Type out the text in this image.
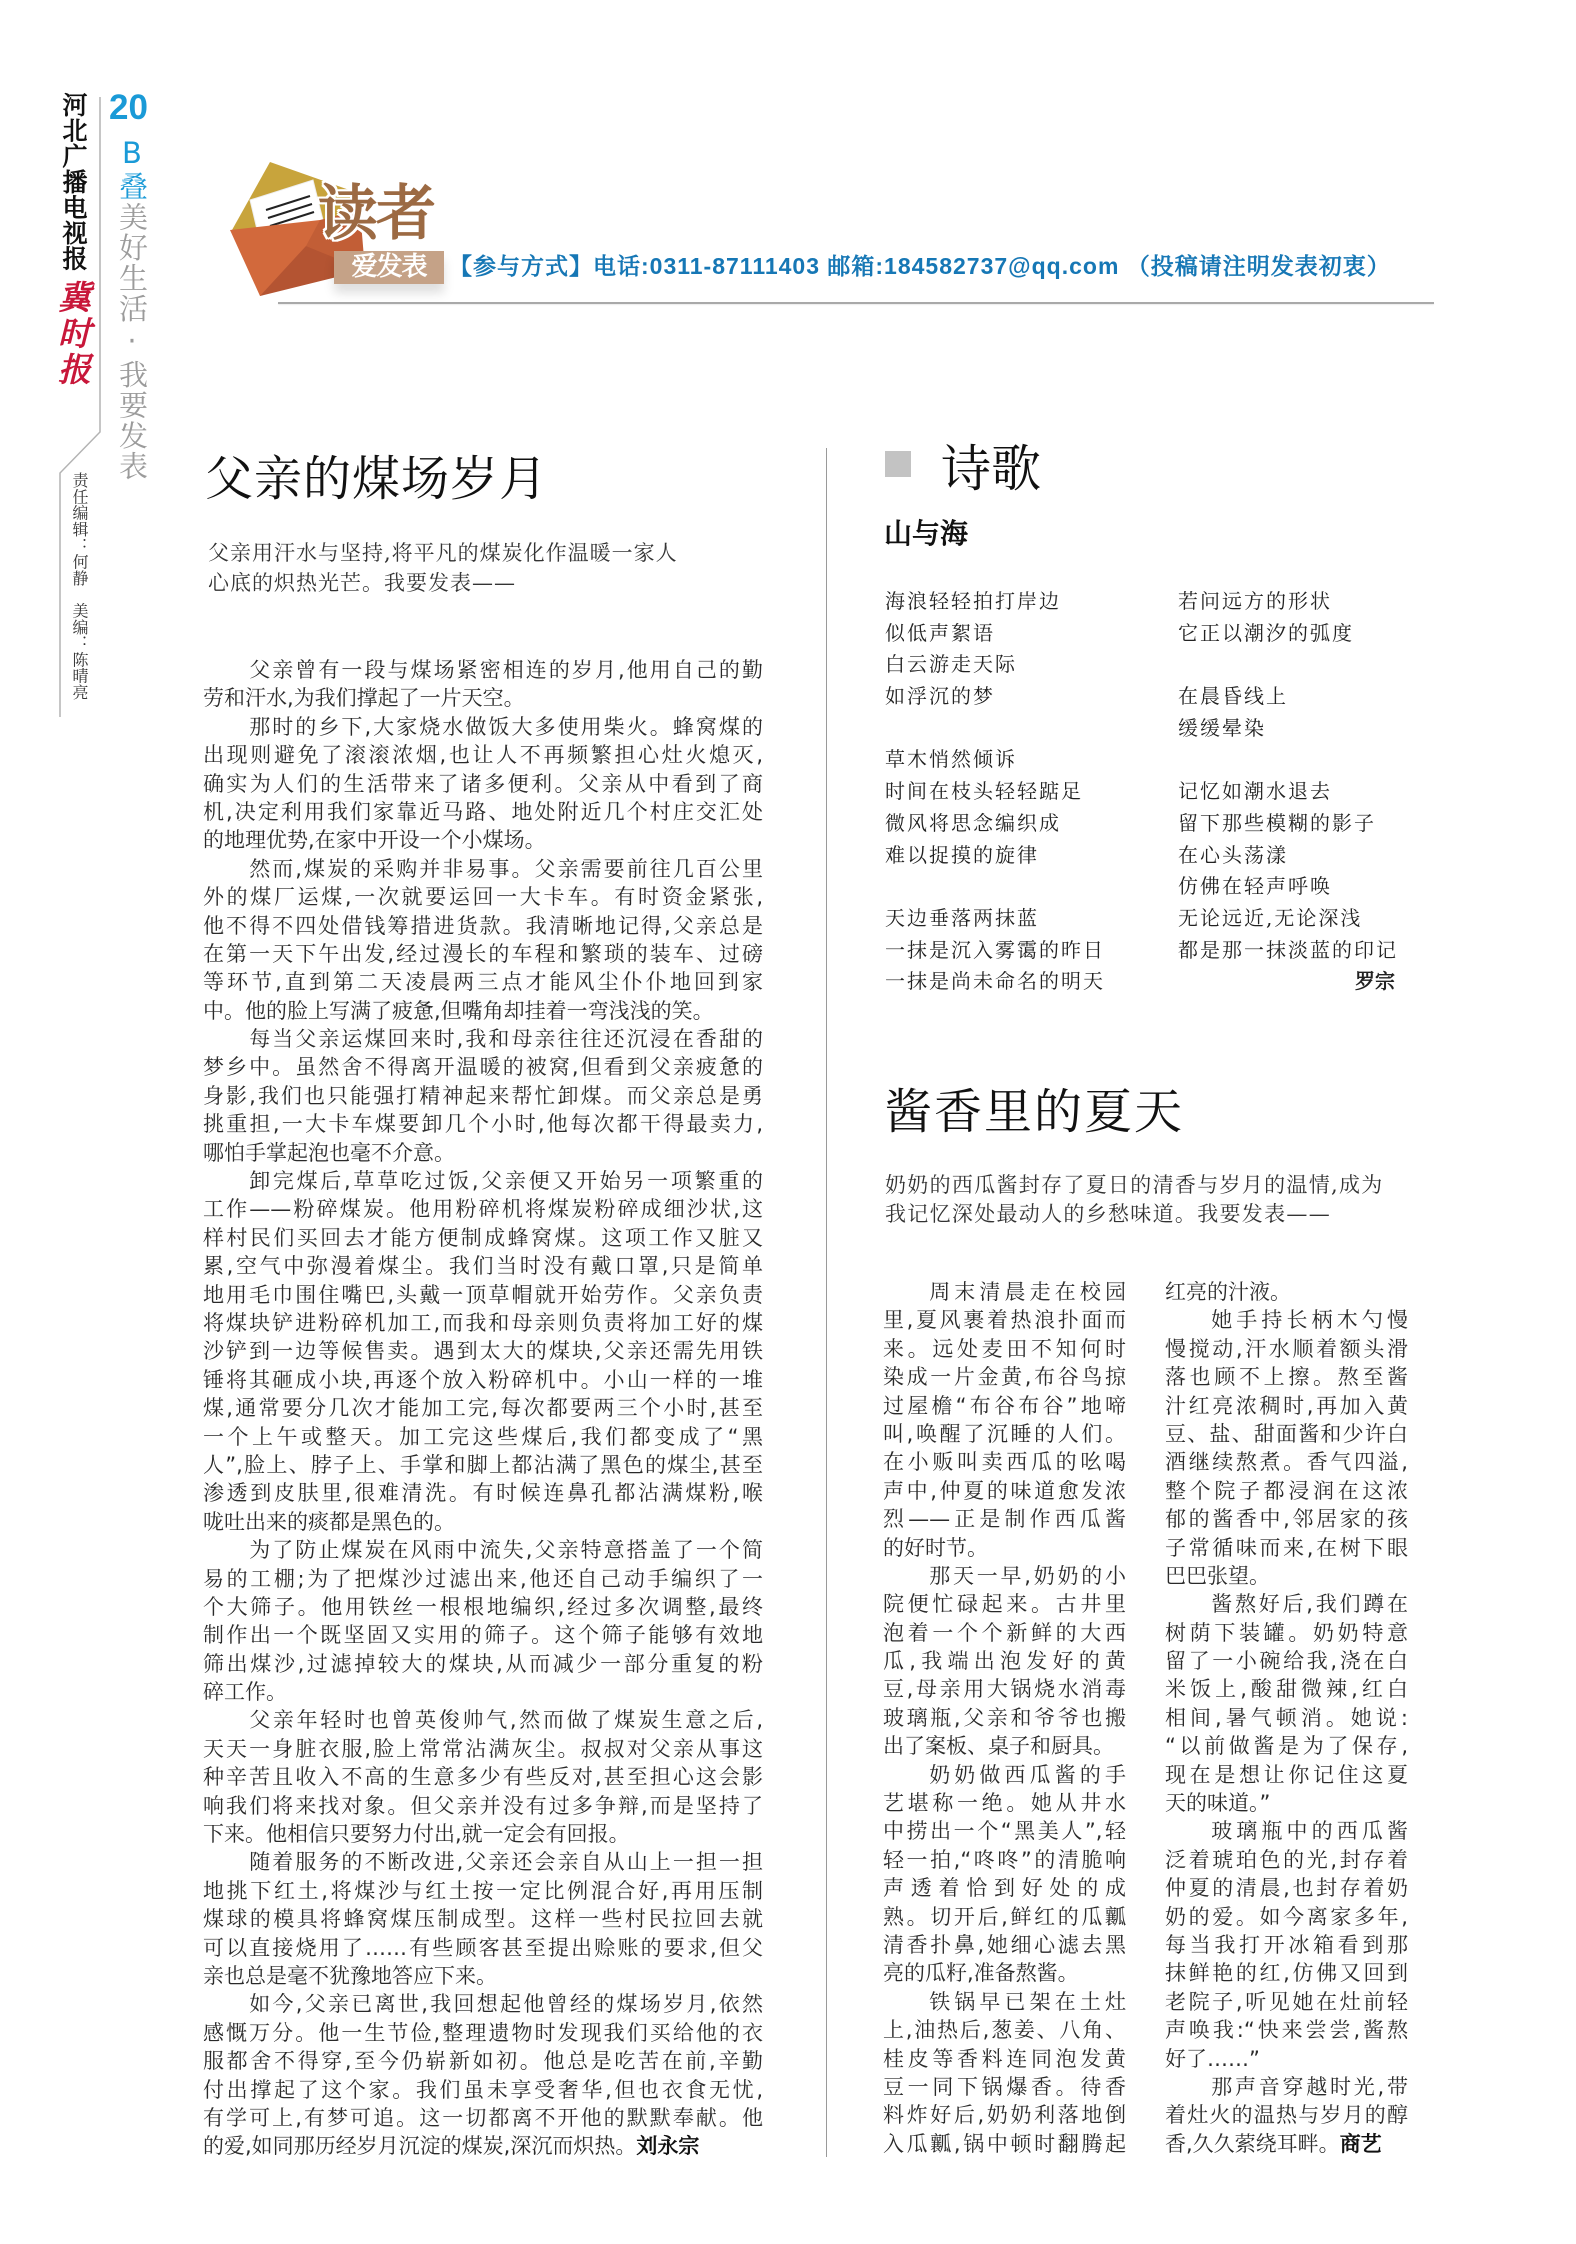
河北广播电视报
冀时报
20
B叠美好生活·我要发表
责任编辑：何静　美编：陈晴亮
读者
爱发表 【参与方式】电话:0311-87111403 邮箱:184582737@qq.com （投稿请注明发表初衷）
父亲的煤场岁月
父亲用汗水与坚持,将平凡的煤炭化作温暖一家人
心底的炽热光芒。我要发表——
父亲曾有一段与煤场紧密相连的岁月,他用自己的勤
劳和汗水,为我们撑起了一片天空。
那时的乡下,大家烧水做饭大多使用柴火。蜂窝煤的
出现则避免了滚滚浓烟,也让人不再频繁担心灶火熄灭,
确实为人们的生活带来了诸多便利。父亲从中看到了商
机,决定利用我们家靠近马路、地处附近几个村庄交汇处
的地理优势,在家中开设一个小煤场。
然而,煤炭的采购并非易事。父亲需要前往几百公里
外的煤厂运煤,一次就要运回一大卡车。有时资金紧张,
他不得不四处借钱筹措进货款。我清晰地记得,父亲总是
在第一天下午出发,经过漫长的车程和繁琐的装车、过磅
等环节,直到第二天凌晨两三点才能风尘仆仆地回到家
中。他的脸上写满了疲惫,但嘴角却挂着一弯浅浅的笑。
每当父亲运煤回来时,我和母亲往往还沉浸在香甜的
梦乡中。虽然舍不得离开温暖的被窝,但看到父亲疲惫的
身影,我们也只能强打精神起来帮忙卸煤。而父亲总是勇
挑重担,一大卡车煤要卸几个小时,他每次都干得最卖力,
哪怕手掌起泡也毫不介意。
卸完煤后,草草吃过饭,父亲便又开始另一项繁重的
工作——粉碎煤炭。他用粉碎机将煤炭粉碎成细沙状,这
样村民们买回去才能方便制成蜂窝煤。这项工作又脏又
累,空气中弥漫着煤尘。我们当时没有戴口罩,只是简单
地用毛巾围住嘴巴,头戴一顶草帽就开始劳作。父亲负责
将煤块铲进粉碎机加工,而我和母亲则负责将加工好的煤
沙铲到一边等候售卖。遇到太大的煤块,父亲还需先用铁
锤将其砸成小块,再逐个放入粉碎机中。小山一样的一堆
煤,通常要分几次才能加工完,每次都要两三个小时,甚至
一个上午或整天。加工完这些煤后,我们都变成了“黑
人”,脸上、脖子上、手掌和脚上都沾满了黑色的煤尘,甚至
渗透到皮肤里,很难清洗。有时候连鼻孔都沾满煤粉,喉
咙吐出来的痰都是黑色的。
为了防止煤炭在风雨中流失,父亲特意搭盖了一个简
易的工棚;为了把煤沙过滤出来,他还自己动手编织了一
个大筛子。他用铁丝一根根地编织,经过多次调整,最终
制作出一个既坚固又实用的筛子。这个筛子能够有效地
筛出煤沙,过滤掉较大的煤块,从而减少一部分重复的粉
碎工作。
父亲年轻时也曾英俊帅气,然而做了煤炭生意之后,
天天一身脏衣服,脸上常常沾满灰尘。叔叔对父亲从事这
种辛苦且收入不高的生意多少有些反对,甚至担心这会影
响我们将来找对象。但父亲并没有过多争辩,而是坚持了
下来。他相信只要努力付出,就一定会有回报。
随着服务的不断改进,父亲还会亲自从山上一担一担
地挑下红土,将煤沙与红土按一定比例混合好,再用压制
煤球的模具将蜂窝煤压制成型。这样一些村民拉回去就
可以直接烧用了……有些顾客甚至提出赊账的要求,但父
亲也总是毫不犹豫地答应下来。
如今,父亲已离世,我回想起他曾经的煤场岁月,依然
感慨万分。他一生节俭,整理遗物时发现我们买给他的衣
服都舍不得穿,至今仍崭新如初。他总是吃苦在前,辛勤
付出撑起了这个家。我们虽未享受奢华,但也衣食无忧,
有学可上,有梦可追。这一切都离不开他的默默奉献。他
的爱,如同那历经岁月沉淀的煤炭,深沉而炽热。刘永宗
诗歌
山与海
海浪轻轻拍打岸边
似低声絮语
白云游走天际
如浮沉的梦
草木悄然倾诉
时间在枝头轻轻踮足
微风将思念编织成
难以捉摸的旋律
天边垂落两抹蓝
一抹是沉入雾霭的昨日
一抹是尚未命名的明天
若问远方的形状
它正以潮汐的弧度
在晨昏线上
缓缓晕染
记忆如潮水退去
留下那些模糊的影子
在心头荡漾
仿佛在轻声呼唤
无论远近,无论深浅
都是那一抹淡蓝的印记
罗宗
酱香里的夏天
奶奶的西瓜酱封存了夏日的清香与岁月的温情,成为
我记忆深处最动人的乡愁味道。我要发表——
周末清晨走在校园
里,夏风裹着热浪扑面而
来。远处麦田不知何时
染成一片金黄,布谷鸟掠
过屋檐“布谷布谷”地啼
叫,唤醒了沉睡的人们。
在小贩叫卖西瓜的吆喝
声中,仲夏的味道愈发浓
烈——正是制作西瓜酱
的好时节。
那天一早,奶奶的小
院便忙碌起来。古井里
泡着一个个新鲜的大西
瓜,我端出泡发好的黄
豆,母亲用大锅烧水消毒
玻璃瓶,父亲和爷爷也搬
出了案板、桌子和厨具。
奶奶做西瓜酱的手
艺堪称一绝。她从井水
中捞出一个“黑美人”,轻
轻一拍,“咚咚”的清脆响
声透着恰到好处的成
熟。切开后,鲜红的瓜瓤
清香扑鼻,她细心滤去黑
亮的瓜籽,准备熬酱。
铁锅早已架在土灶
上,油热后,葱姜、八角、
桂皮等香料连同泡发黄
豆一同下锅爆香。待香
料炸好后,奶奶利落地倒
入瓜瓤,锅中顿时翻腾起
红亮的汁液。
她手持长柄木勺慢
慢搅动,汗水顺着额头滑
落也顾不上擦。熬至酱
汁红亮浓稠时,再加入黄
豆、盐、甜面酱和少许白
酒继续熬煮。香气四溢,
整个院子都浸润在这浓
郁的酱香中,邻居家的孩
子常循味而来,在树下眼
巴巴张望。
酱熬好后,我们蹲在
树荫下装罐。奶奶特意
留了一小碗给我,浇在白
米饭上,酸甜微辣,红白
相间,暑气顿消。她说:
“以前做酱是为了保存,
现在是想让你记住这夏
天的味道。”
玻璃瓶中的西瓜酱
泛着琥珀色的光,封存着
仲夏的清晨,也封存着奶
奶的爱。如今离家多年,
每当我打开冰箱看到那
抹鲜艳的红,仿佛又回到
老院子,听见她在灶前轻
声唤我:“快来尝尝,酱熬
好了……”
那声音穿越时光,带
着灶火的温热与岁月的醇
香,久久萦绕耳畔。商艺
